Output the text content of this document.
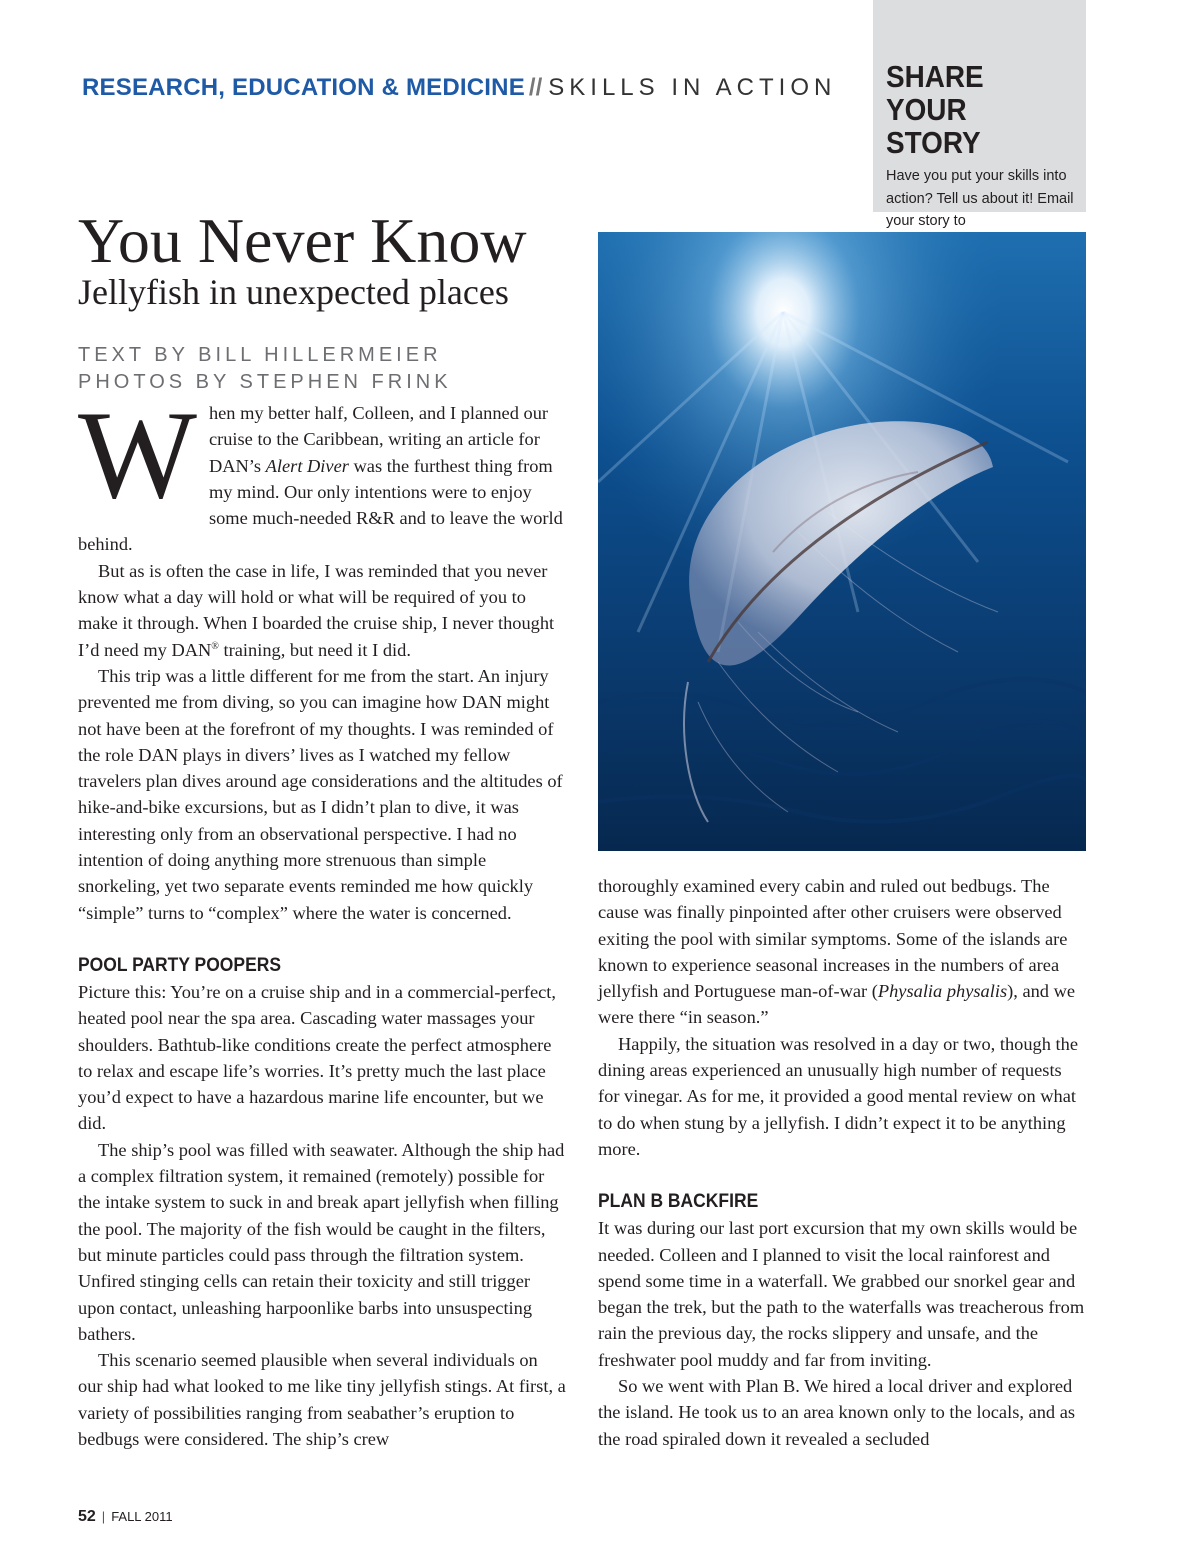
RESEARCH, EDUCATION & MEDICINE // SKILLS IN ACTION SHARE YOUR STORY
Have you put your skills into action? Tell us about it! Email your story to
You Never Know
Jellyfish in unexpected places
TEXT BY BILL HILLERMEIER
PHOTOS BY STEPHEN FRINK

When my better half, Colleen, and I planned our cruise to the Caribbean, writing an article for DAN’s Alert Diver was the furthest thing from my mind. Our only intentions were to enjoy some much-needed R&R and to leave the world behind.

But as is often the case in life, I was reminded that you never know what a day will hold or what will be required of you to make it through. When I boarded the cruise ship, I never thought I’d need my DAN® training, but need it I did.

This trip was a little different for me from the start. An injury prevented me from diving, so you can imagine how DAN might not have been at the forefront of my thoughts. I was reminded of the role DAN plays in divers’ lives as I watched my fellow travelers plan dives around age considerations and the altitudes of hike-and-bike excursions, but as I didn’t plan to dive, it was interesting only from an observational perspective. I had no intention of doing anything more strenuous than simple snorkeling, yet two separate events reminded me how quickly “simple” turns to “complex” where the water is concerned.

POOL PARTY POOPERS

Picture this: You’re on a cruise ship and in a commercial-perfect, heated pool near the spa area. Cascading water massages your shoulders. Bathtub-like conditions create the perfect atmosphere to relax and escape life’s worries. It’s pretty much the last place you’d expect to have a hazardous marine life encounter, but we did.

The ship’s pool was filled with seawater. Although the ship had a complex filtration system, it remained (remotely) possible for the intake system to suck in and break apart jellyfish when filling the pool. The majority of the fish would be caught in the filters, but minute particles could pass through the filtration system. Unfired stinging cells can retain their toxicity and still trigger upon contact, unleashing harpoonlike barbs into unsuspecting bathers.

This scenario seemed plausible when several individuals on our ship had what looked to me like tiny jellyfish stings. At first, a variety of possibilities ranging from seabather’s eruption to bedbugs were considered. The ship’s crew

thoroughly examined every cabin and ruled out bedbugs. The cause was finally pinpointed after other cruisers were observed exiting the pool with similar symptoms. Some of the islands are known to experience seasonal increases in the numbers of area jellyfish and Portuguese man-of-war (Physalia physalis), and we were there “in season.”

Happily, the situation was resolved in a day or two, though the dining areas experienced an unusually high number of requests for vinegar. As for me, it provided a good mental review on what to do when stung by a jellyfish. I didn’t expect it to be anything more.

PLAN B BACKFIRE

It was during our last port excursion that my own skills would be needed. Colleen and I planned to visit the local rainforest and spend some time in a waterfall. We grabbed our snorkel gear and began the trek, but the path to the waterfalls was treacherous from rain the previous day, the rocks slippery and unsafe, and the freshwater pool muddy and far from inviting.

So we went with Plan B. We hired a local driver and explored the island. He took us to an area known only to the locals, and as the road spiraled down it revealed a secluded

52 | FALL 2011
